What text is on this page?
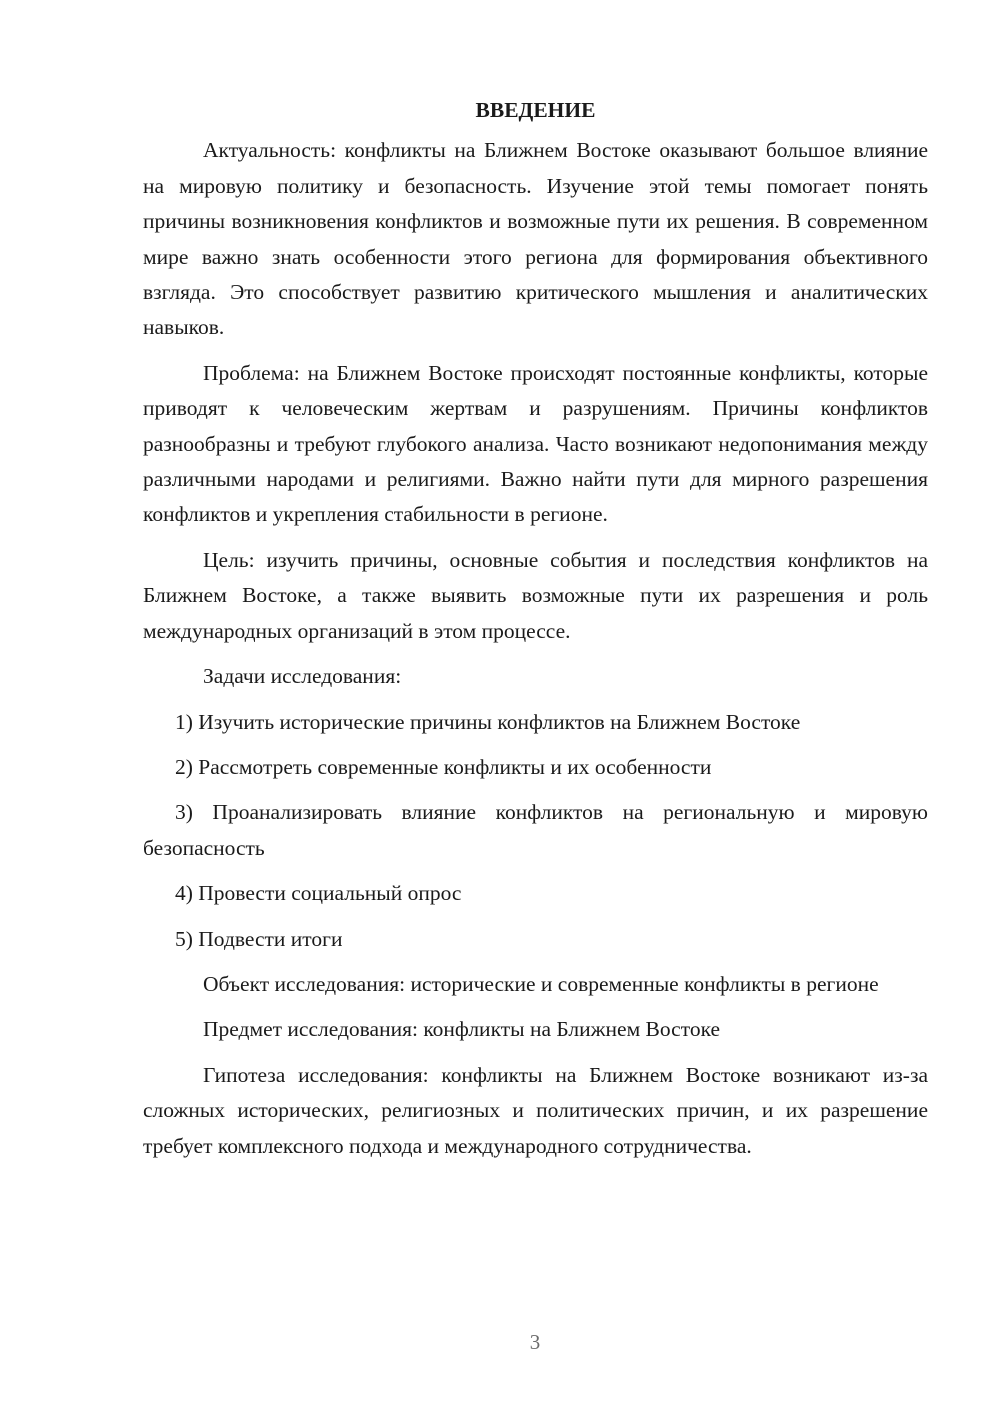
ВВЕДЕНИЕ

Актуальность: конфликты на Ближнем Востоке оказывают большое влияние на мировую политику и безопасность. Изучение этой темы помогает понять причины возникновения конфликтов и возможные пути их решения. В современном мире важно знать особенности этого региона для формирования объективного взгляда. Это способствует развитию критического мышления и аналитических навыков.

Проблема: на Ближнем Востоке происходят постоянные конфликты, которые приводят к человеческим жертвам и разрушениям. Причины конфликтов разнообразны и требуют глубокого анализа. Часто возникают недопонимания между различными народами и религиями. Важно найти пути для мирного разрешения конфликтов и укрепления стабильности в регионе.

Цель: изучить причины, основные события и последствия конфликтов на Ближнем Востоке, а также выявить возможные пути их разрешения и роль международных организаций в этом процессе.

Задачи исследования:

1) Изучить исторические причины конфликтов на Ближнем Востоке

2) Рассмотреть современные конфликты и их особенности

3) Проанализировать влияние конфликтов на региональную и мировую безопасность

4) Провести социальный опрос

5) Подвести итоги

Объект исследования: исторические и современные конфликты в регионе

Предмет исследования: конфликты на Ближнем Востоке

Гипотеза исследования: конфликты на Ближнем Востоке возникают из-за сложных исторических, религиозных и политических причин, и их разрешение требует комплексного подхода и международного сотрудничества.

3
